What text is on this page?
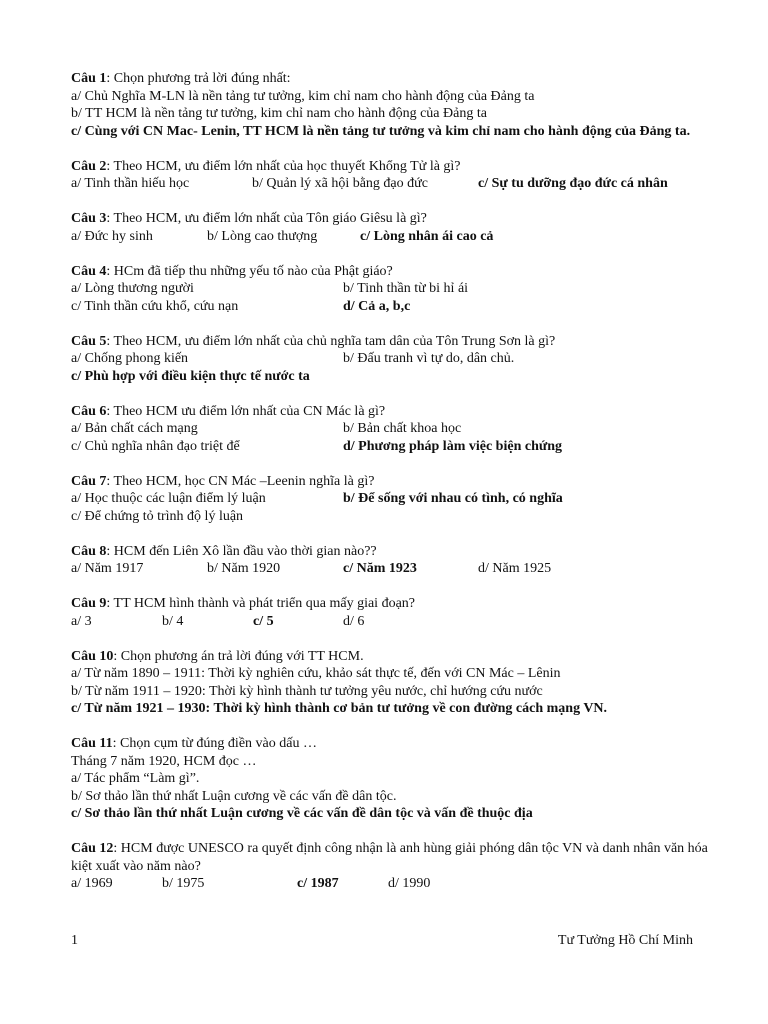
Câu 1: Chọn phương trả lời đúng nhất:
a/ Chủ Nghĩa M-LN là nền tảng tư tưởng, kim chỉ nam cho hành động của Đảng ta
b/ TT HCM là nền tảng tư tưởng, kim chỉ nam cho hành động của Đảng ta
c/ Cùng với CN Mac- Lenin, TT HCM là nền tảng tư tưởng và kim chỉ nam cho hành động của Đảng ta.
Câu 2: Theo HCM, ưu điểm lớn nhất của học thuyết Khổng Tử là gì?
a/ Tinh thần hiếu học	b/ Quản lý xã hội bằng đạo đức	c/ Sự tu dưỡng đạo đức cá nhân
Câu 3: Theo HCM, ưu điểm lớn nhất của Tôn giáo Giêsu là gì?
a/ Đức hy sinh	b/ Lòng cao thượng	c/ Lòng nhân ái cao cả
Câu 4: HCm đã tiếp thu những yếu tố nào của Phật giáo?
a/ Lòng thương người	b/ Tinh thần từ bi hỉ ái
c/ Tinh thần cứu khổ, cứu nạn	d/ Cả a, b,c
Câu 5: Theo HCM, ưu điểm lớn nhất của chủ nghĩa tam dân của Tôn Trung Sơn là gì?
a/ Chống phong kiến	b/ Đấu tranh vì tự do, dân chủ.
c/ Phù hợp với điều kiện thực tế nước ta
Câu 6: Theo HCM ưu điểm lớn nhất của CN Mác là gì?
a/ Bản chất cách mạng	b/ Bản chất khoa học
c/ Chủ nghĩa nhân đạo triệt để	d/ Phương pháp làm việc biện chứng
Câu 7: Theo HCM, học CN Mác –Leenin nghĩa là gì?
a/ Học thuộc các luận điểm lý luận	b/ Để sống với nhau có tình, có nghĩa
c/ Để chứng tỏ trình độ lý luận
Câu 8: HCM đến Liên Xô lần đầu vào thời gian nào??
a/ Năm 1917	b/ Năm 1920	c/ Năm 1923	d/ Năm 1925
Câu 9: TT HCM hình thành và phát triển qua mấy giai đoạn?
a/ 3	b/ 4	c/ 5	d/ 6
Câu 10: Chọn phương án trả lời đúng với TT HCM.
a/ Từ năm 1890 – 1911: Thời kỳ nghiên cứu, khảo sát thực tế, đến với CN Mác – Lênin
b/ Từ năm 1911 – 1920: Thời kỳ hình thành tư tưởng yêu nước, chỉ hướng cứu nước
c/ Từ năm 1921 – 1930: Thời kỳ hình thành cơ bản tư tưởng về con đường cách mạng VN.
Câu 11: Chọn cụm từ đúng điền vào dấu …
Tháng 7 năm 1920, HCM đọc …
a/ Tác phẩm “Làm gì”.
b/ Sơ thảo lần thứ nhất Luận cương về các vấn đề dân tộc.
c/ Sơ thảo lần thứ nhất Luận cương về các vấn đề dân tộc và vấn đề thuộc địa
Câu 12: HCM được UNESCO ra quyết định công nhận là anh hùng giải phóng dân tộc VN và danh nhân văn hóa kiệt xuất vào năm nào?
a/ 1969	b/ 1975	c/ 1987	d/ 1990
1	Tư Tưởng Hồ Chí Minh
